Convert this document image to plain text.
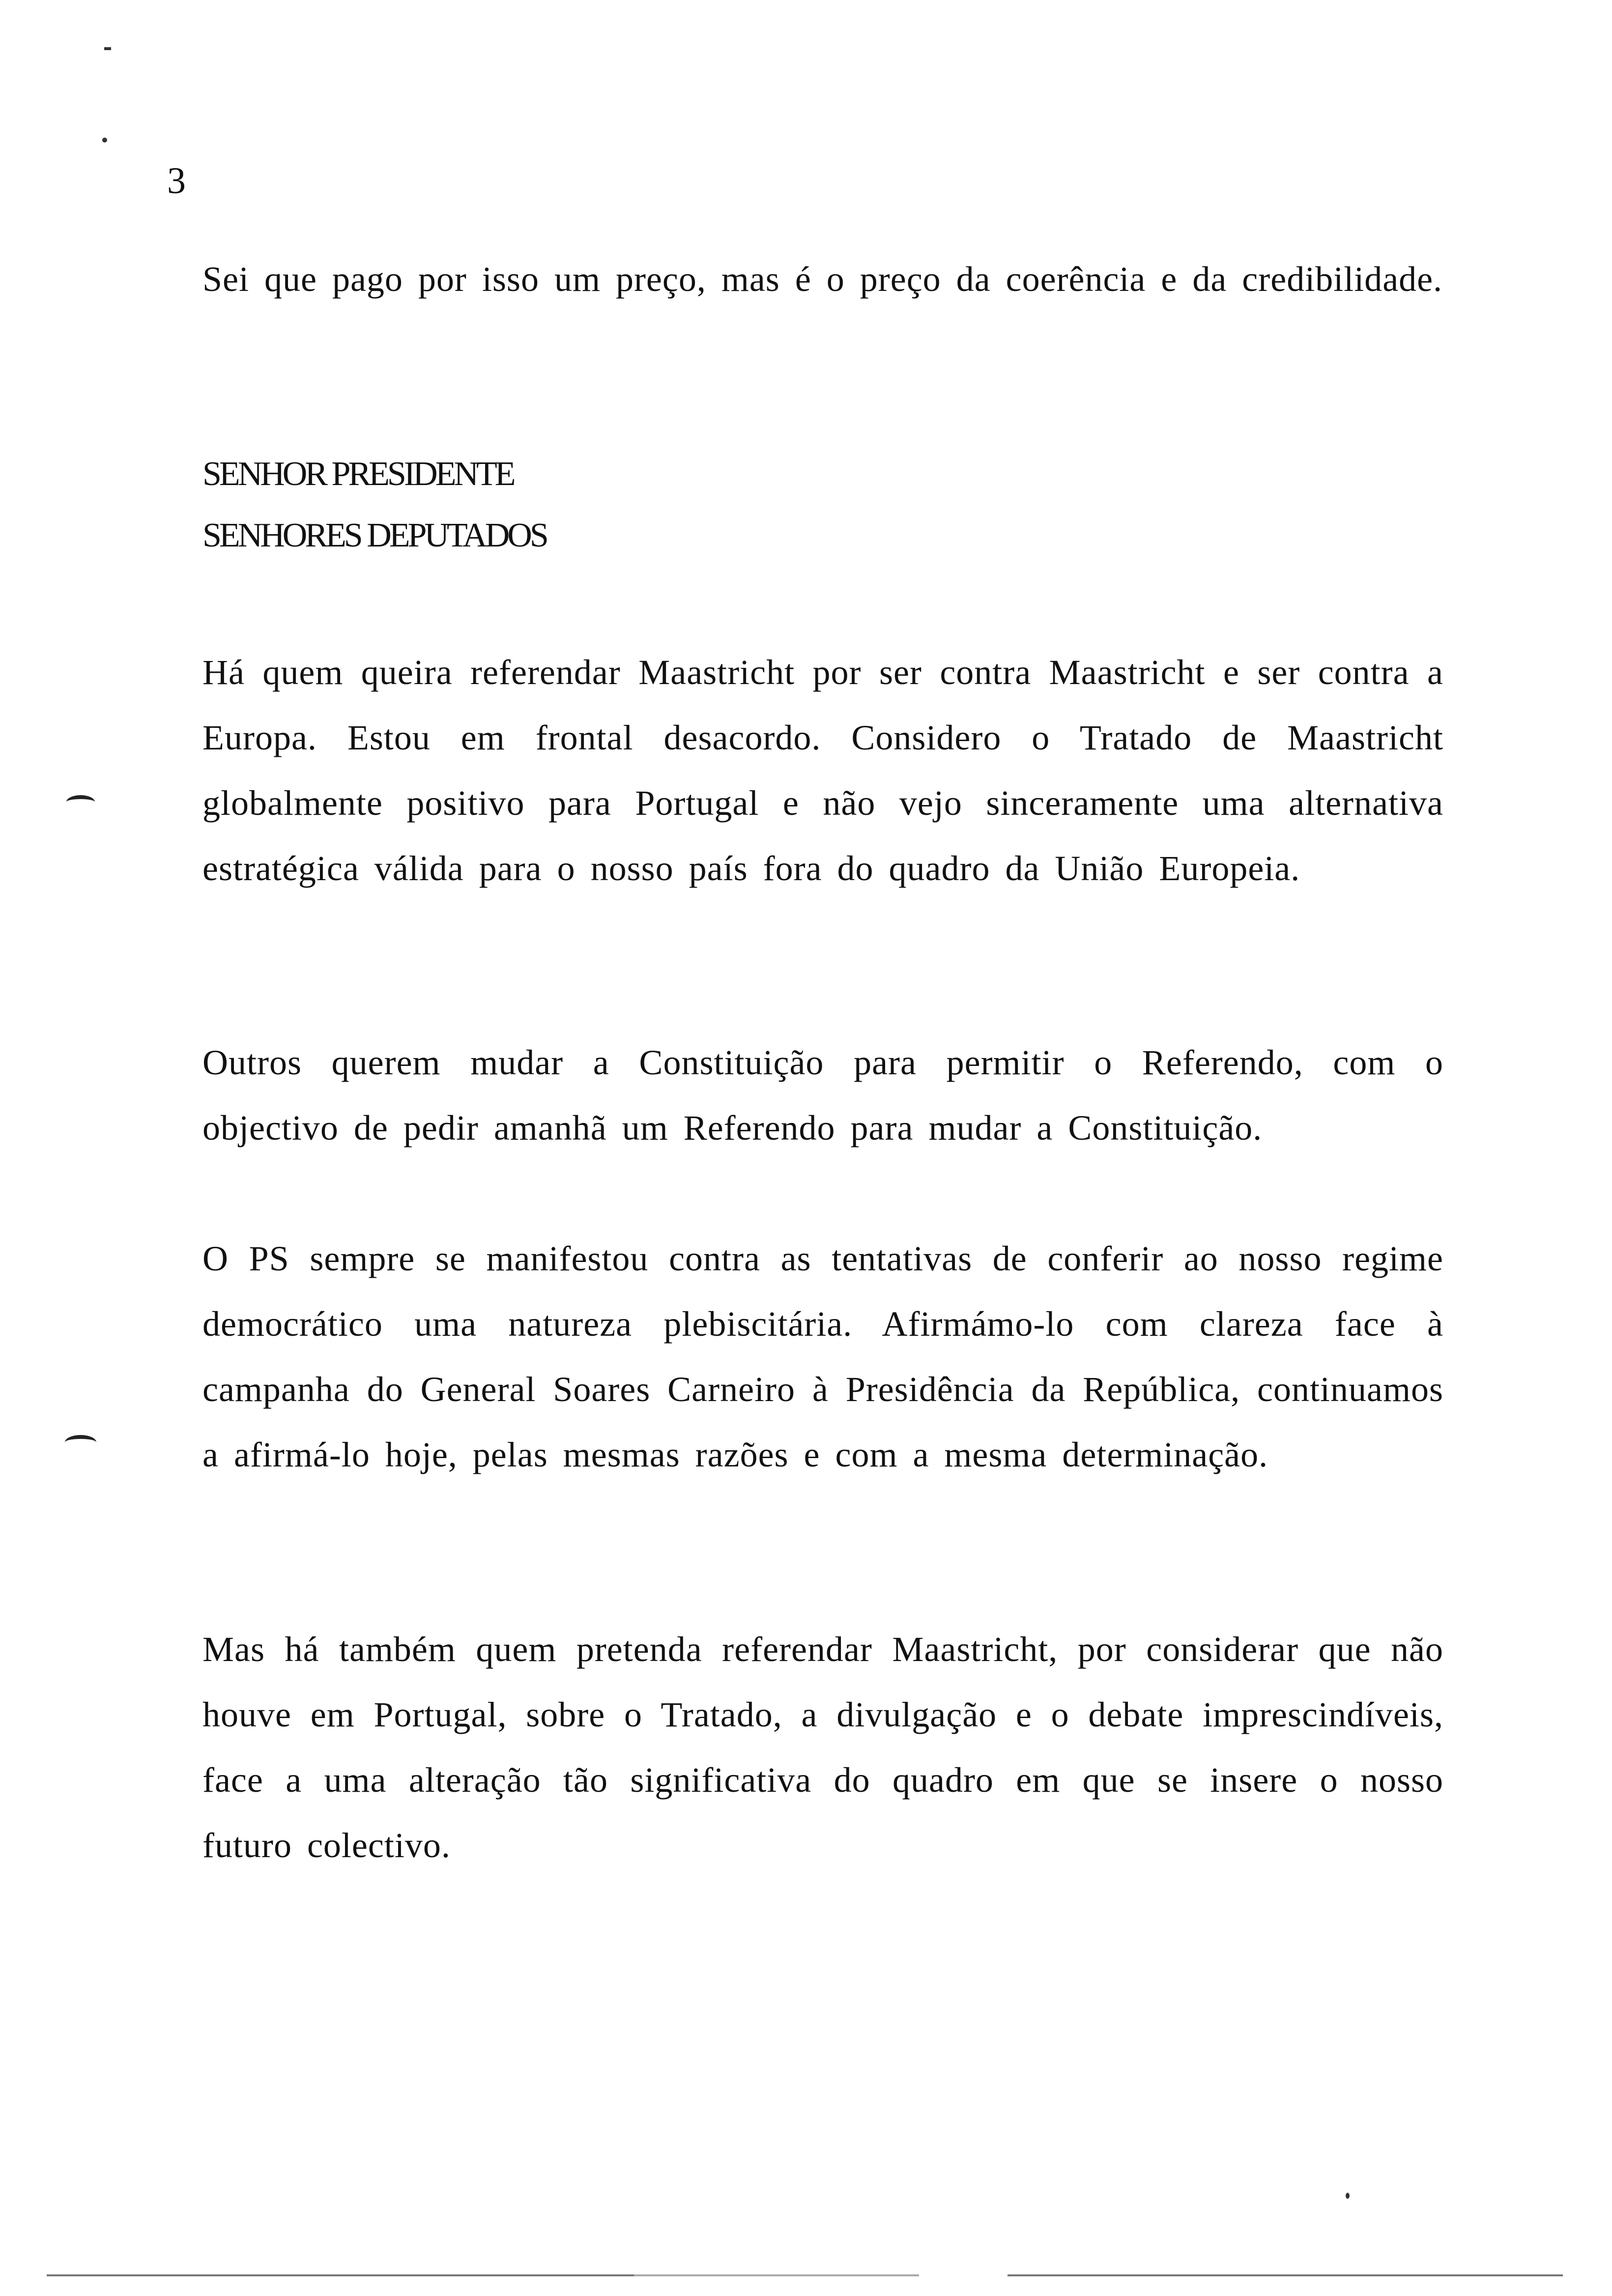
3

Sei que pago por isso um preço, mas é o preço da coerência e da credibilidade.

SENHOR PRESIDENTE

SENHORES DEPUTADOS

Há quem queira referendar Maastricht por ser contra Maastricht e ser contra a Europa. Estou em frontal desacordo. Considero o Tratado de Maastricht globalmente positivo para Portugal e não vejo sinceramente uma alternativa estratégica válida para o nosso país fora do quadro da União Europeia.

Outros querem mudar a Constituição para permitir o Referendo, com o objectivo de pedir amanhã um Referendo para mudar a Constituição.

O PS sempre se manifestou contra as tentativas de conferir ao nosso regime democrático uma natureza plebiscitária. Afirmámo-lo com clareza face à campanha do General Soares Carneiro à Presidência da República, continuamos a afirmá-lo hoje, pelas mesmas razões e com a mesma determinação.

Mas há também quem pretenda referendar Maastricht, por considerar que não houve em Portugal, sobre o Tratado, a divulgação e o debate imprescindíveis, face a uma alteração tão significativa do quadro em que se insere o nosso futuro colectivo.
